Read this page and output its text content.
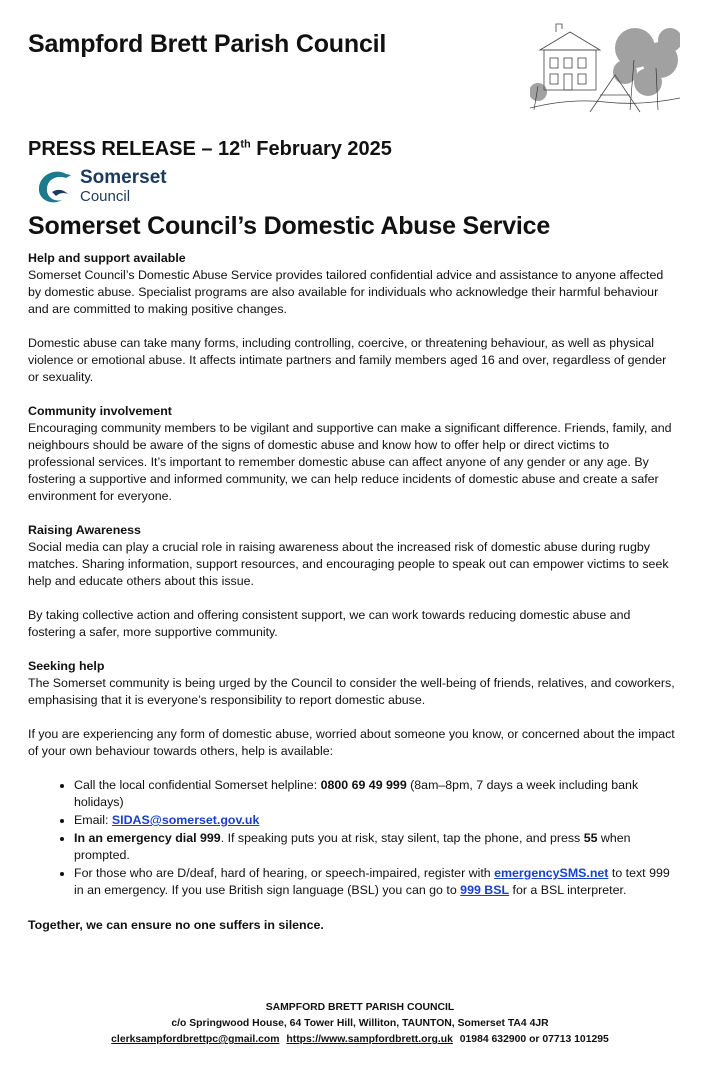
Sampford Brett Parish Council
PRESS RELEASE – 12th February 2025
Somerset
Council
Somerset Council’s Domestic Abuse Service
Help and support available

Somerset Council’s Domestic Abuse Service provides tailored confidential advice and assistance to anyone affected by domestic abuse. Specialist programs are also available for individuals who acknowledge their harmful behaviour and are committed to making positive changes.

Domestic abuse can take many forms, including controlling, coercive, or threatening behaviour, as well as physical violence or emotional abuse. It affects intimate partners and family members aged 16 and over, regardless of gender or sexuality.

Community involvement

Encouraging community members to be vigilant and supportive can make a significant difference. Friends, family, and neighbours should be aware of the signs of domestic abuse and know how to offer help or direct victims to professional services. It’s important to remember domestic abuse can affect anyone of any gender or any age. By fostering a supportive and informed community, we can help reduce incidents of domestic abuse and create a safer environment for everyone.

Raising Awareness

Social media can play a crucial role in raising awareness about the increased risk of domestic abuse during rugby matches. Sharing information, support resources, and encouraging people to speak out can empower victims to seek help and educate others about this issue.

By taking collective action and offering consistent support, we can work towards reducing domestic abuse and fostering a safer, more supportive community.

Seeking help

The Somerset community is being urged by the Council to consider the well-being of friends, relatives, and coworkers, emphasising that it is everyone’s responsibility to report domestic abuse.

If you are experiencing any form of domestic abuse, worried about someone you know, or concerned about the impact of your own behaviour towards others, help is available:

• Call the local confidential Somerset helpline: 0800 69 49 999 (8am–8pm, 7 days a week including bank holidays)
• Email: SIDAS@somerset.gov.uk
• In an emergency dial 999. If speaking puts you at risk, stay silent, tap the phone, and press 55 when prompted.
• For those who are D/deaf, hard of hearing, or speech-impaired, register with emergencySMS.net to text 999 in an emergency. If you use British sign language (BSL) you can go to 999 BSL for a BSL interpreter.

Together, we can ensure no one suffers in silence.

SAMPFORD BRETT PARISH COUNCIL
c/o Springwood House, 64 Tower Hill, Williton, TAUNTON, Somerset TA4 4JR
clerksampfordbrettpc@gmail.com https://www.sampfordbrett.org.uk 01984 632900 or 07713 101295
